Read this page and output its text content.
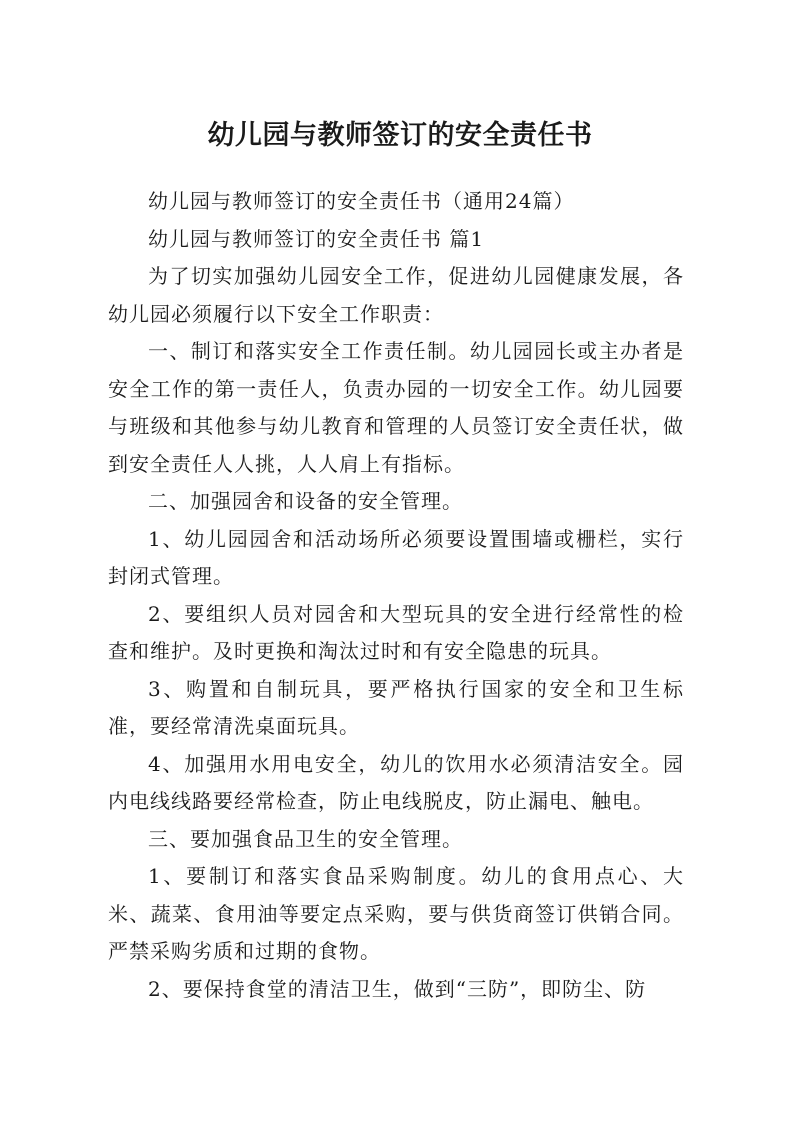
幼儿园与教师签订的安全责任书

幼儿园与教师签订的安全责任书（通用24篇）

幼儿园与教师签订的安全责任书 篇1

为了切实加强幼儿园安全工作，促进幼儿园健康发展，各幼儿园必须履行以下安全工作职责：

一、制订和落实安全工作责任制。幼儿园园长或主办者是安全工作的第一责任人，负责办园的一切安全工作。幼儿园要与班级和其他参与幼儿教育和管理的人员签订安全责任状，做到安全责任人人挑，人人肩上有指标。

二、加强园舍和设备的安全管理。

1、幼儿园园舍和活动场所必须要设置围墙或栅栏，实行封闭式管理。

2、要组织人员对园舍和大型玩具的安全进行经常性的检查和维护。及时更换和淘汰过时和有安全隐患的玩具。

3、购置和自制玩具，要严格执行国家的安全和卫生标准，要经常清洗桌面玩具。

4、加强用水用电安全，幼儿的饮用水必须清洁安全。园内电线线路要经常检查，防止电线脱皮，防止漏电、触电。

三、要加强食品卫生的安全管理。

1、要制订和落实食品采购制度。幼儿的食用点心、大米、蔬菜、食用油等要定点采购，要与供货商签订供销合同。严禁采购劣质和过期的食物。

2、要保持食堂的清洁卫生，做到“三防”，即防尘、防
